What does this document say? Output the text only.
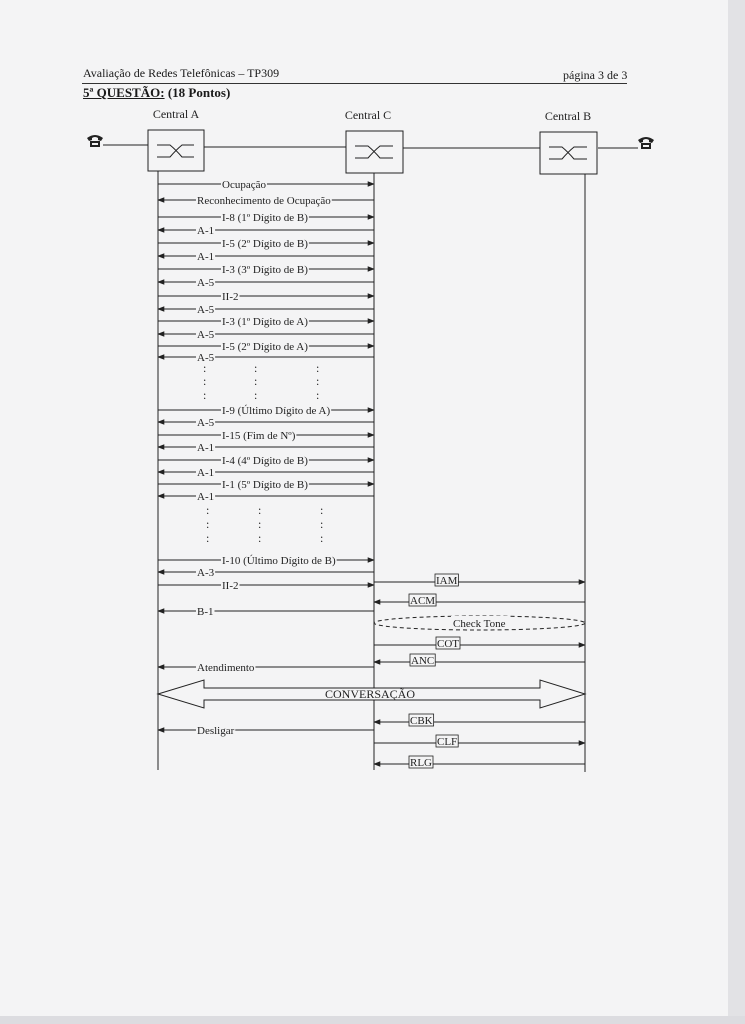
Avaliação de Redes Telefônicas – TP309	página 3 de 3
5ª QUESTÃO: (18 Pontos)
Central A	Central C	Central B
Ocupação
Reconhecimento de Ocupação
I-8 (1º Dígito de B)
A-1
I-5 (2º Dígito de B)
A-1
I-3 (3º Dígito de B)
A-5
II-2
A-5
I-3 (1º Dígito de A)
A-5
I-5 (2º Dígito de A)
A-5
I-9 (Último Dígito de A)
A-5
I-15 (Fim de Nº)
A-1
I-4 (4º Dígito de B)
A-1
I-1 (5º Dígito de B)
A-1
I-10 (Último Dígito de B)
A-3
II-2
B-1
Atendimento
Desligar
IAM
ACM
Check Tone
COT
ANC
CBK
CLF
RLG
:	:	:
:	:	:
:	:	:
:	:	:
:	:	:
:	:	:
CONVERSAÇÃO
